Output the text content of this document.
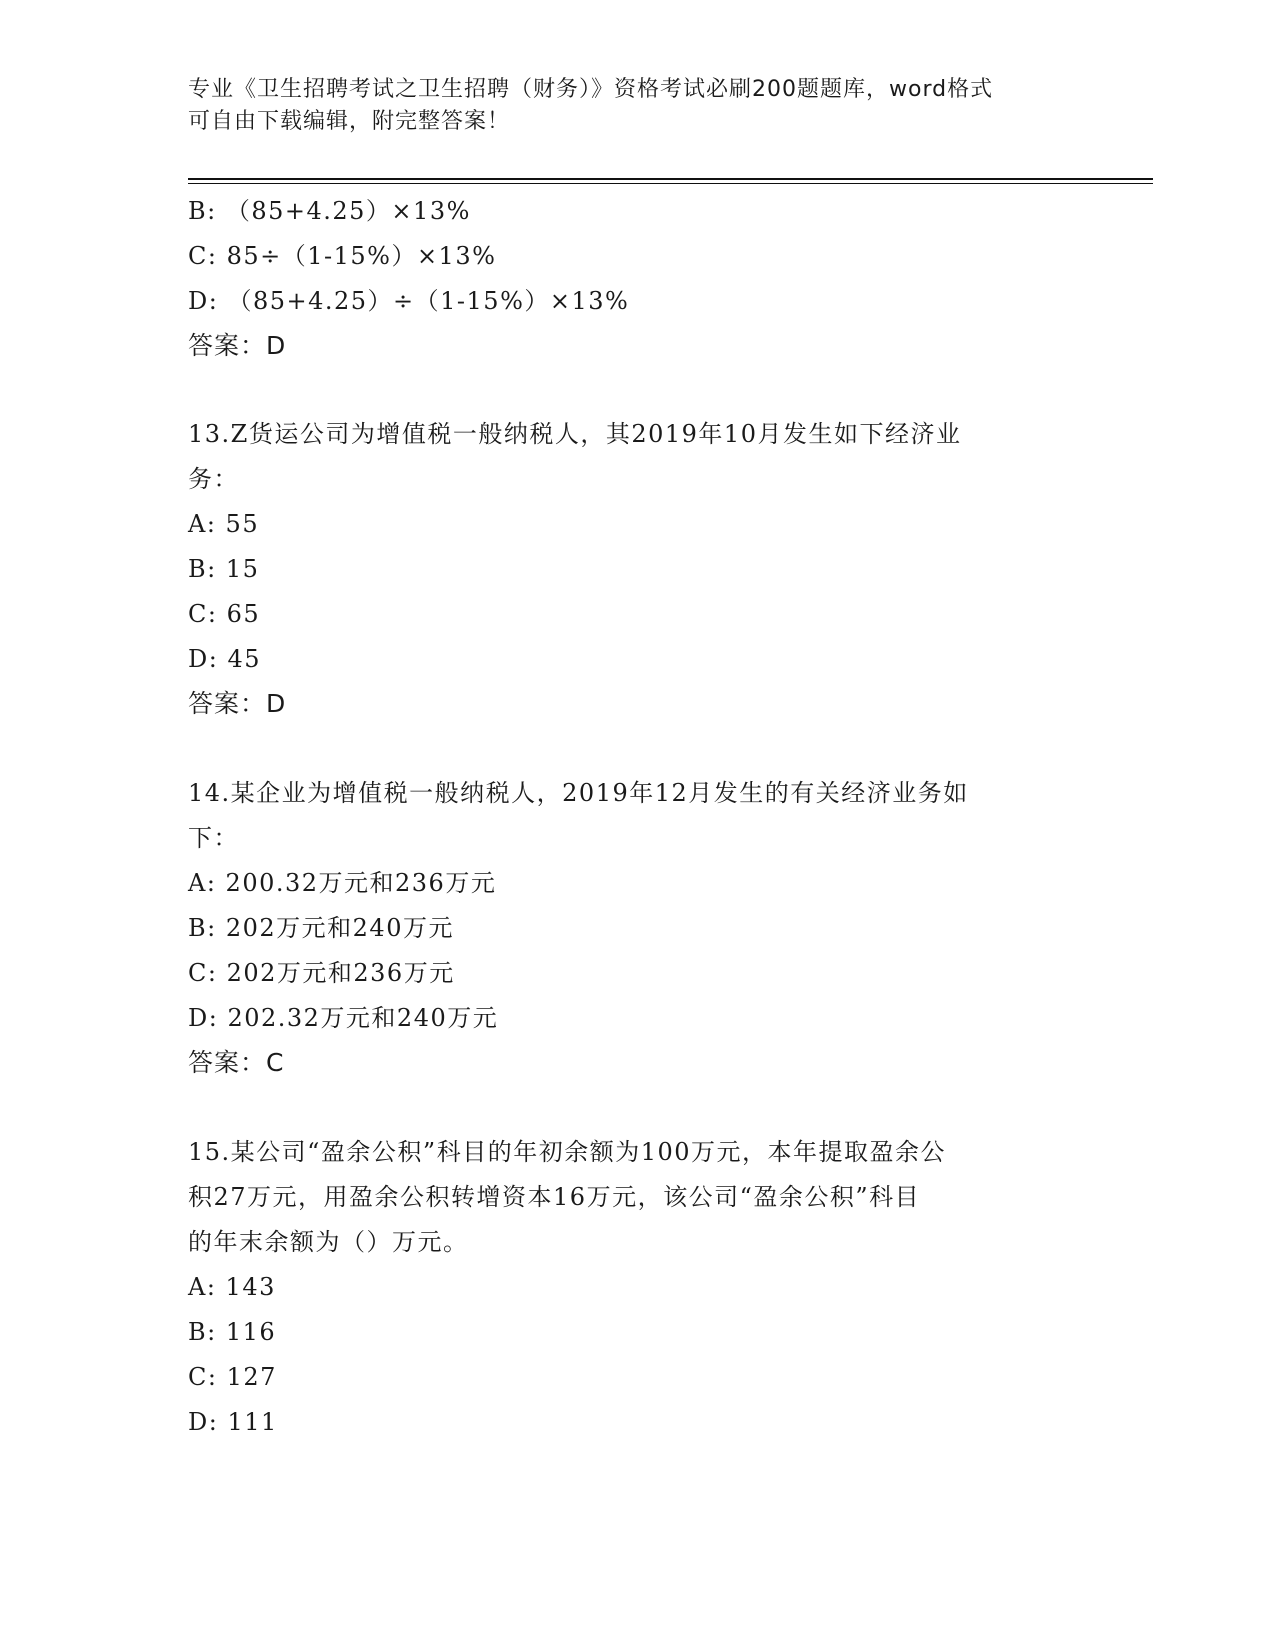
专业《卫生招聘考试之卫生招聘（财务）》资格考试必刷200题题库，word格式
可自由下载编辑，附完整答案！
B: （85+4.25）×13%
C: 85÷（1-15%）×13%
D: （85+4.25）÷（1-15%）×13%
答案：D
13.Z货运公司为增值税一般纳税人，其2019年10月发生如下经济业
务：
A: 55
B: 15
C: 65
D: 45
答案：D
14.某企业为增值税一般纳税人，2019年12月发生的有关经济业务如
下：
A: 200.32万元和236万元
B: 202万元和240万元
C: 202万元和236万元
D: 202.32万元和240万元
答案：C
15.某公司“盈余公积”科目的年初余额为100万元，本年提取盈余公
积27万元，用盈余公积转增资本16万元，该公司“盈余公积”科目
的年末余额为（）万元。
A: 143
B: 116
C: 127
D: 111
